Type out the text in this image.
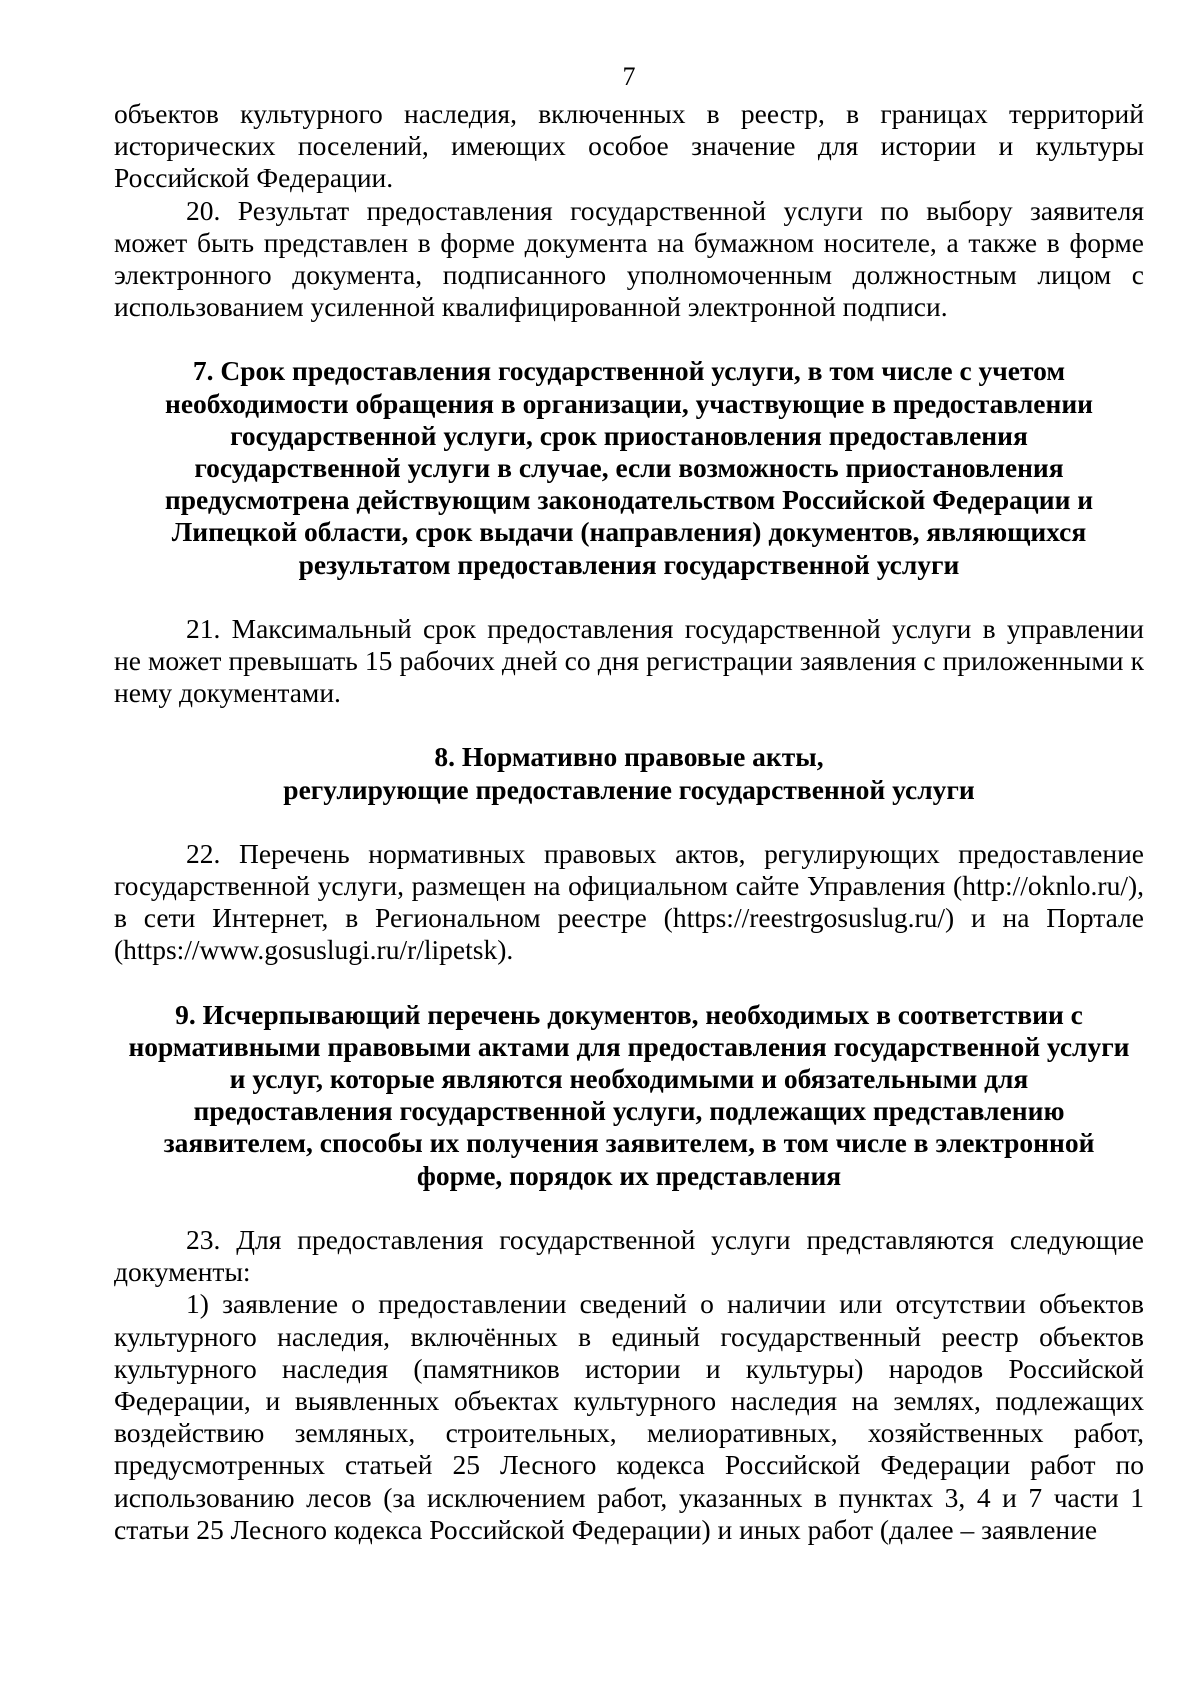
7

объектов культурного наследия, включенных в реестр, в границах территорий исторических поселений, имеющих особое значение для истории и культуры Российской Федерации.

20. Результат предоставления государственной услуги по выбору заявителя может быть представлен в форме документа на бумажном носителе, а также в форме электронного документа, подписанного уполномоченным должностным лицом с использованием усиленной квалифицированной электронной подписи.

7. Срок предоставления государственной услуги, в том числе с учетом
необходимости обращения в организации, участвующие в предоставлении
государственной услуги, срок приостановления предоставления
государственной услуги в случае, если возможность приостановления
предусмотрена действующим законодательством Российской Федерации и
Липецкой области, срок выдачи (направления) документов, являющихся
результатом предоставления государственной услуги

21. Максимальный срок предоставления государственной услуги в управлении не может превышать 15 рабочих дней со дня регистрации заявления с приложенными к нему документами.

8. Нормативно правовые акты,
регулирующие предоставление государственной услуги

22. Перечень нормативных правовых актов, регулирующих предоставление государственной услуги, размещен на официальном сайте Управления (http://oknlo.ru/), в сети Интернет, в Региональном реестре (https://reestrgosuslug.ru/) и на Портале (https://www.gosuslugi.ru/r/lipetsk).

9. Исчерпывающий перечень документов, необходимых в соответствии с
нормативными правовыми актами для предоставления государственной услуги
и услуг, которые являются необходимыми и обязательными для
предоставления государственной услуги, подлежащих представлению
заявителем, способы их получения заявителем, в том числе в электронной
форме, порядок их представления

23. Для предоставления государственной услуги представляются следующие документы:

1) заявление о предоставлении сведений о наличии или отсутствии объектов культурного наследия, включённых в единый государственный реестр объектов культурного наследия (памятников истории и культуры) народов Российской Федерации, и выявленных объектах культурного наследия на землях, подлежащих воздействию земляных, строительных, мелиоративных, хозяйственных работ, предусмотренных статьей 25 Лесного кодекса Российской Федерации работ по использованию лесов (за исключением работ, указанных в пунктах 3, 4 и 7 части 1 статьи 25 Лесного кодекса Российской Федерации) и иных работ (далее – заявление
